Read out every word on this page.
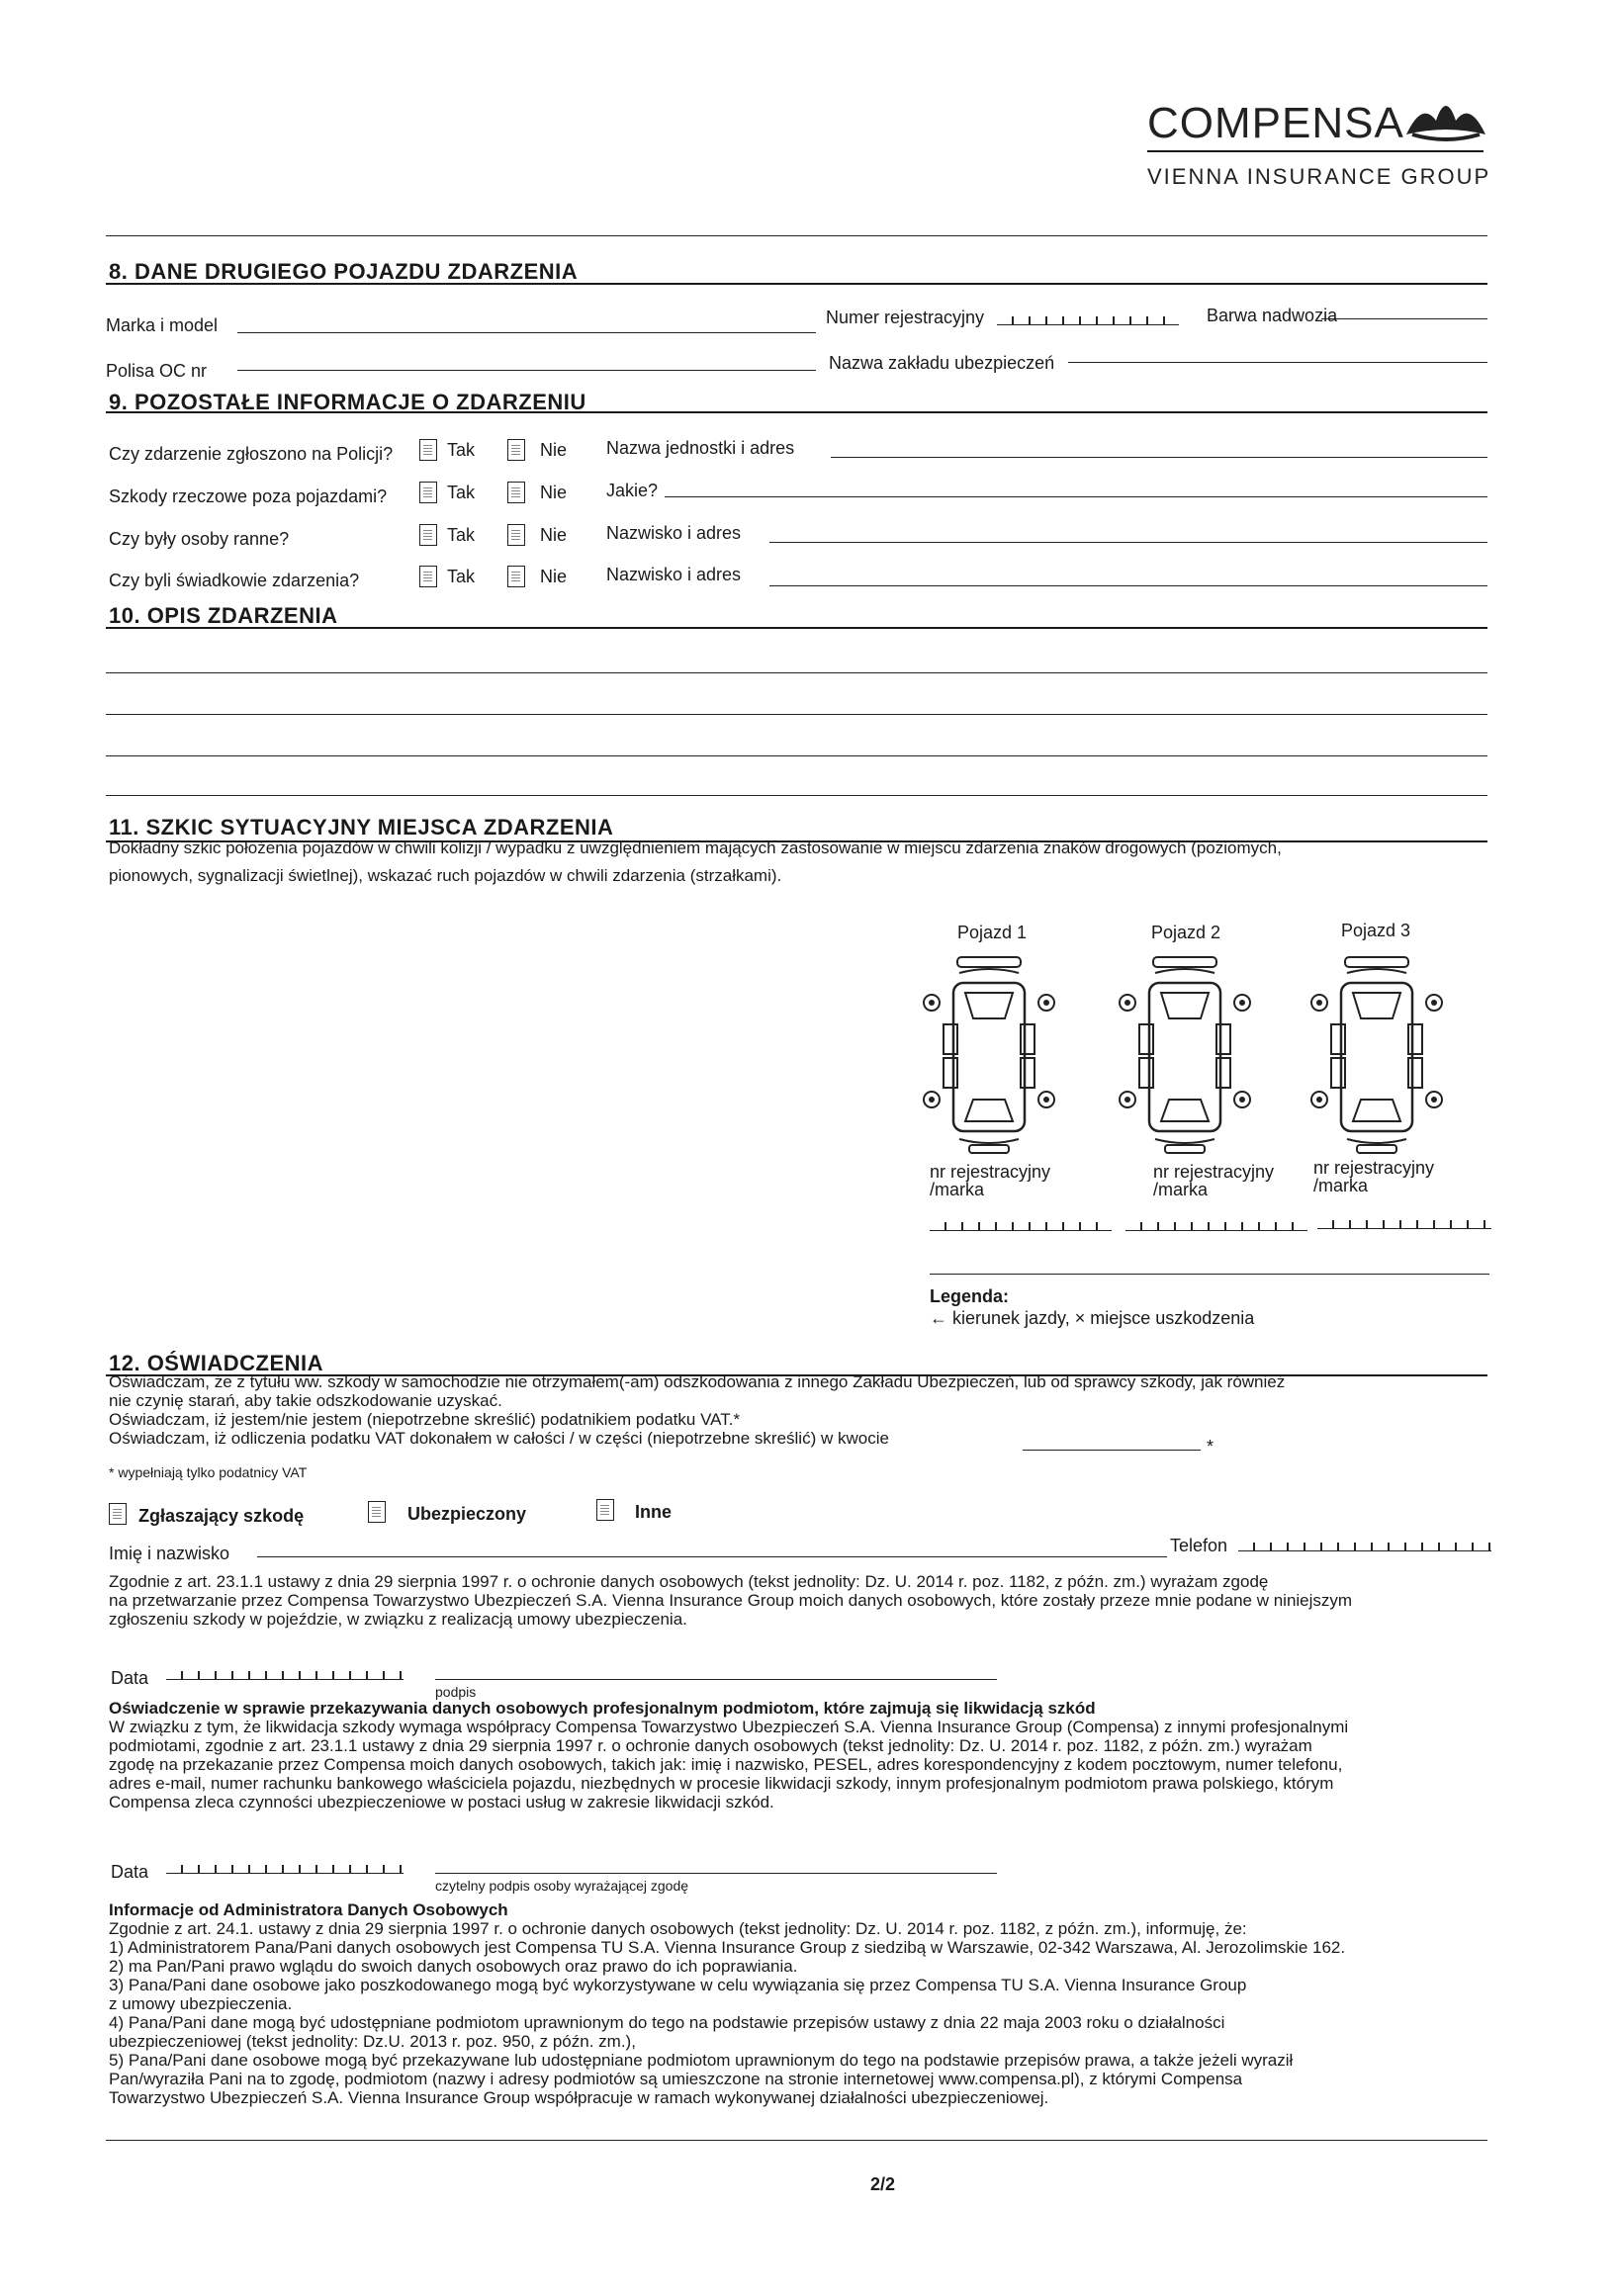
COMPENSA
VIENNA INSURANCE GROUP
8. DANE DRUGIEGO POJAZDU ZDARZENIA
Marka i model	Numer rejestracyjny	Barwa nadwozia
Polisa OC nr	Nazwa zakładu ubezpieczeń
9. POZOSTAŁE INFORMACJE O ZDARZENIU
Czy zdarzenie zgłoszono na Policji?	Tak	Nie Nazwa jednostki i adres
Szkody rzeczowe poza pojazdami?	Tak	Nie Jakie?
Czy były osoby ranne?	Tak	Nie Nazwisko i adres
Czy byli świadkowie zdarzenia?	Tak	Nie Nazwisko i adres
10. OPIS ZDARZENIA
11. SZKIC SYTUACYJNY MIEJSCA ZDARZENIA
Dokładny szkic położenia pojazdów w chwili kolizji / wypadku z uwzględnieniem mających zastosowanie w miejscu zdarzenia znaków drogowych (poziomych,
pionowych, sygnalizacji świetlnej), wskazać ruch pojazdów w chwili zdarzenia (strzałkami).
Pojazd 1
nr rejestracyjny
/marka
Pojazd 2
nr rejestracyjny
/marka
Pojazd 3
nr rejestracyjny
/marka
Legenda:
← kierunek jazdy, × miejsce uszkodzenia
12. OŚWIADCZENIA
Oświadczam, że z tytułu ww. szkody w samochodzie nie otrzymałem(-am) odszkodowania z innego Zakładu Ubezpieczeń, lub od sprawcy szkody, jak również
nie czynię starań, aby takie odszkodowanie uzyskać.
Oświadczam, iż jestem/nie jestem (niepotrzebne skreślić) podatnikiem podatku VAT.*
Oświadczam, iż odliczenia podatku VAT dokonałem w całości / w części (niepotrzebne skreślić) w kwocie	*
* wypełniają tylko podatnicy VAT
Zgłaszający szkodę	Ubezpieczony	Inne
Imię i nazwisko	Telefon
Zgodnie z art. 23.1.1 ustawy z dnia 29 sierpnia 1997 r. o ochronie danych osobowych (tekst jednolity: Dz. U. 2014 r. poz. 1182, z późn. zm.) wyrażam zgodę
na przetwarzanie przez Compensa Towarzystwo Ubezpieczeń S.A. Vienna Insurance Group moich danych osobowych, które zostały przeze mnie podane w niniejszym
zgłoszeniu szkody w pojeździe, w związku z realizacją umowy ubezpieczenia.
Data
podpis
Oświadczenie w sprawie przekazywania danych osobowych profesjonalnym podmiotom, które zajmują się likwidacją szkód
W związku z tym, że likwidacja szkody wymaga współpracy Compensa Towarzystwo Ubezpieczeń S.A. Vienna Insurance Group (Compensa) z innymi profesjonalnymi
podmiotami, zgodnie z art. 23.1.1 ustawy z dnia 29 sierpnia 1997 r. o ochronie danych osobowych (tekst jednolity: Dz. U. 2014 r. poz. 1182, z późn. zm.) wyrażam
zgodę na przekazanie przez Compensa moich danych osobowych, takich jak: imię i nazwisko, PESEL, adres korespondencyjny z kodem pocztowym, numer telefonu,
adres e-mail, numer rachunku bankowego właściciela pojazdu, niezbędnych w procesie likwidacji szkody, innym profesjonalnym podmiotom prawa polskiego, którym
Compensa zleca czynności ubezpieczeniowe w postaci usług w zakresie likwidacji szkód.
Data
czytelny podpis osoby wyrażającej zgodę
Informacje od Administratora Danych Osobowych
Zgodnie z art. 24.1. ustawy z dnia 29 sierpnia 1997 r. o ochronie danych osobowych (tekst jednolity: Dz. U. 2014 r. poz. 1182, z późn. zm.), informuję, że:
1) Administratorem Pana/Pani danych osobowych jest Compensa TU S.A. Vienna Insurance Group z siedzibą w Warszawie, 02-342 Warszawa, Al. Jerozolimskie 162.
2) ma Pan/Pani prawo wglądu do swoich danych osobowych oraz prawo do ich poprawiania.
3) Pana/Pani dane osobowe jako poszkodowanego mogą być wykorzystywane w celu wywiązania się przez Compensa TU S.A. Vienna Insurance Group
z umowy ubezpieczenia.
4) Pana/Pani dane mogą być udostępniane podmiotom uprawnionym do tego na podstawie przepisów ustawy z dnia 22 maja 2003 roku o działalności
ubezpieczeniowej (tekst jednolity: Dz.U. 2013 r. poz. 950, z późn. zm.),
5) Pana/Pani dane osobowe mogą być przekazywane lub udostępniane podmiotom uprawnionym do tego na podstawie przepisów prawa, a także jeżeli wyraził
Pan/wyraziła Pani na to zgodę, podmiotom (nazwy i adresy podmiotów są umieszczone na stronie internetowej www.compensa.pl), z którymi Compensa
Towarzystwo Ubezpieczeń S.A. Vienna Insurance Group współpracuje w ramach wykonywanej działalności ubezpieczeniowej.
2/2
